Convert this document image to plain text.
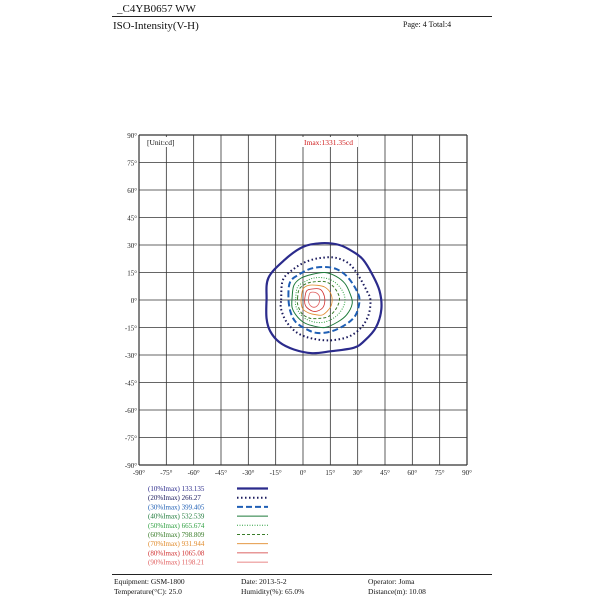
_C4YB0657 WW
ISO-Intensity(V-H)	Page: 4 Total:4
-90° -75° -60° -45° -30° -15°	0°	15°	30°	45°	60°	75°	90°
90°
75°
60°
45°
30°
15°
0°
-15°
-30°
-45°
-60°
-75°
-90°
[Unit:cd]	Imax:1331.35cd
(10%Imax) 133.135
(20%Imax) 266.27
(30%Imax) 399.405
(40%Imax) 532.539
(50%Imax) 665.674
(60%Imax) 798.809
(70%Imax) 931.944
(80%Imax) 1065.08
(90%Imax) 1198.21
Equipment: GSM-1800
Temperature(°C): 25.0
Date: 2013-5-2
Humidity(%): 65.0%
Operator: Joma
Distance(m): 10.08
